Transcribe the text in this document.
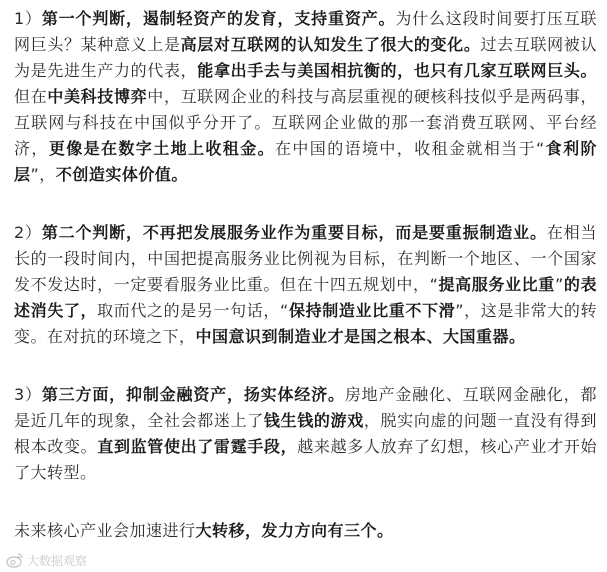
1）第一个判断，遏制轻资产的发育，支持重资产。为什么这段时间要打压互联网巨头？某种意义上是高层对互联网的认知发生了很大的变化。过去互联网被认为是先进生产力的代表，能拿出手去与美国相抗衡的，也只有几家互联网巨头。但在中美科技博弈中，互联网企业的科技与高层重视的硬核科技似乎是两码事，互联网与科技在中国似乎分开了。互联网企业做的那一套消费互联网、平台经济，更像是在数字土地上收租金。在中国的语境中，收租金就相当于“食利阶层”，不创造实体价值。

2）第二个判断，不再把发展服务业作为重要目标，而是要重振制造业。在相当长的一段时间内，中国把提高服务业比例视为目标，在判断一个地区、一个国家发不发达时，一定要看服务业比重。但在十四五规划中，“提高服务业比重”的表述消失了，取而代之的是另一句话，“保持制造业比重不下滑”，这是非常大的转变。在对抗的环境之下，中国意识到制造业才是国之根本、大国重器。

3）第三方面，抑制金融资产，扬实体经济。房地产金融化、互联网金融化，都是近几年的现象，全社会都迷上了钱生钱的游戏，脱实向虚的问题一直没有得到根本改变。直到监管使出了雷霆手段，越来越多人放弃了幻想，核心产业才开始了大转型。

未来核心产业会加速进行大转移，发力方向有三个。

大数据观察
